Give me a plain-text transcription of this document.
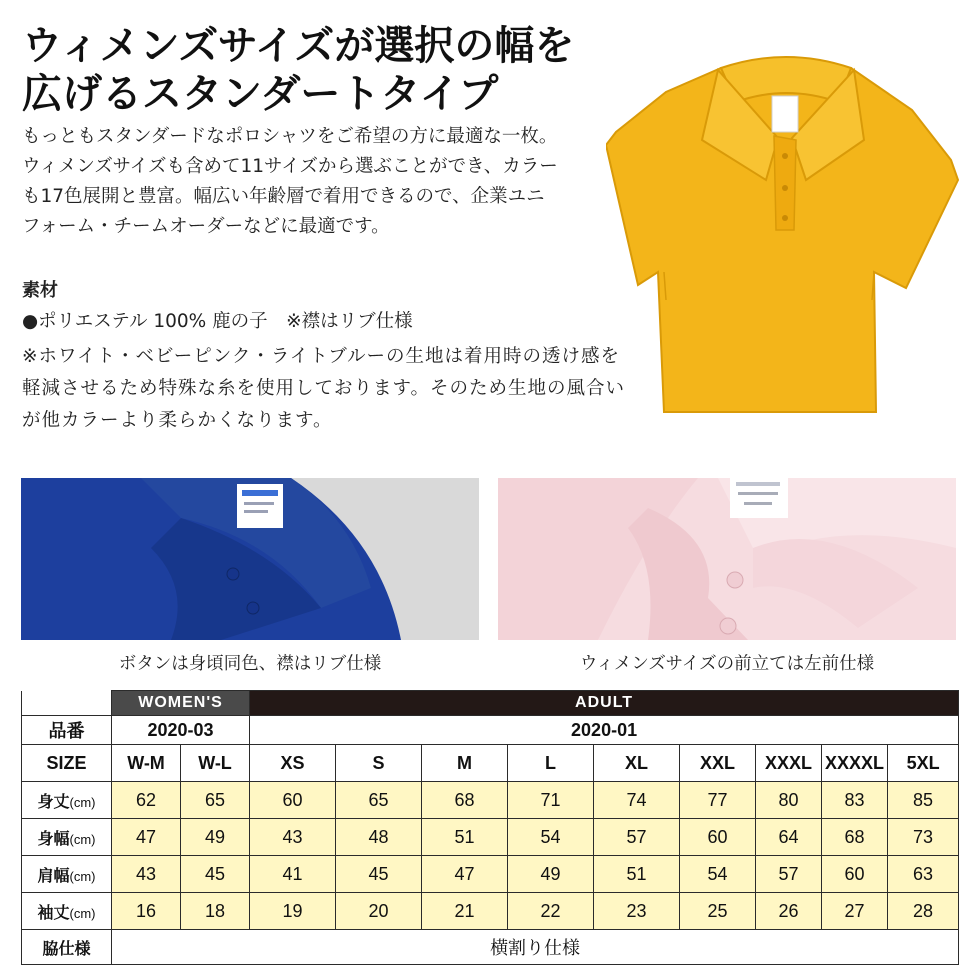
ウィメンズサイズが選択の幅を
広げるスタンダートタイプ
もっともスタンダードなポロシャツをご希望の方に最適な一枚。
ウィメンズサイズも含めて11サイズから選ぶことができ、カラー
も17色展開と豊富。幅広い年齢層で着用できるので、企業ユニ
フォーム・チームオーダーなどに最適です。
素材
●ポリエステル 100% 鹿の子　※襟はリブ仕様
※ホワイト・ベビーピンク・ライトブルーの生地は着用時の透け感を
軽減させるため特殊な糸を使用しております。そのため生地の風合い
が他カラーより柔らかくなります。
ボタンは身頃同色、襟はリブ仕様	ウィメンズサイズの前立ては左前仕様
	WOMEN'S		ADULT								
品番	2020-03		2020-01								
SIZE	W-M	W-L	XS	S	M	L	XL	XXL	XXXL	XXXXL	5XL
身丈(cm)	62	65	60	65	68	71	74	77	80	83	85
身幅(cm)	47	49	43	48	51	54	57	60	64	68	73
肩幅(cm)	43	45	41	45	47	49	51	54	57	60	63
袖丈(cm)	16	18	19	20	21	22	23	25	26	27	28
脇仕様	横割り仕様										
